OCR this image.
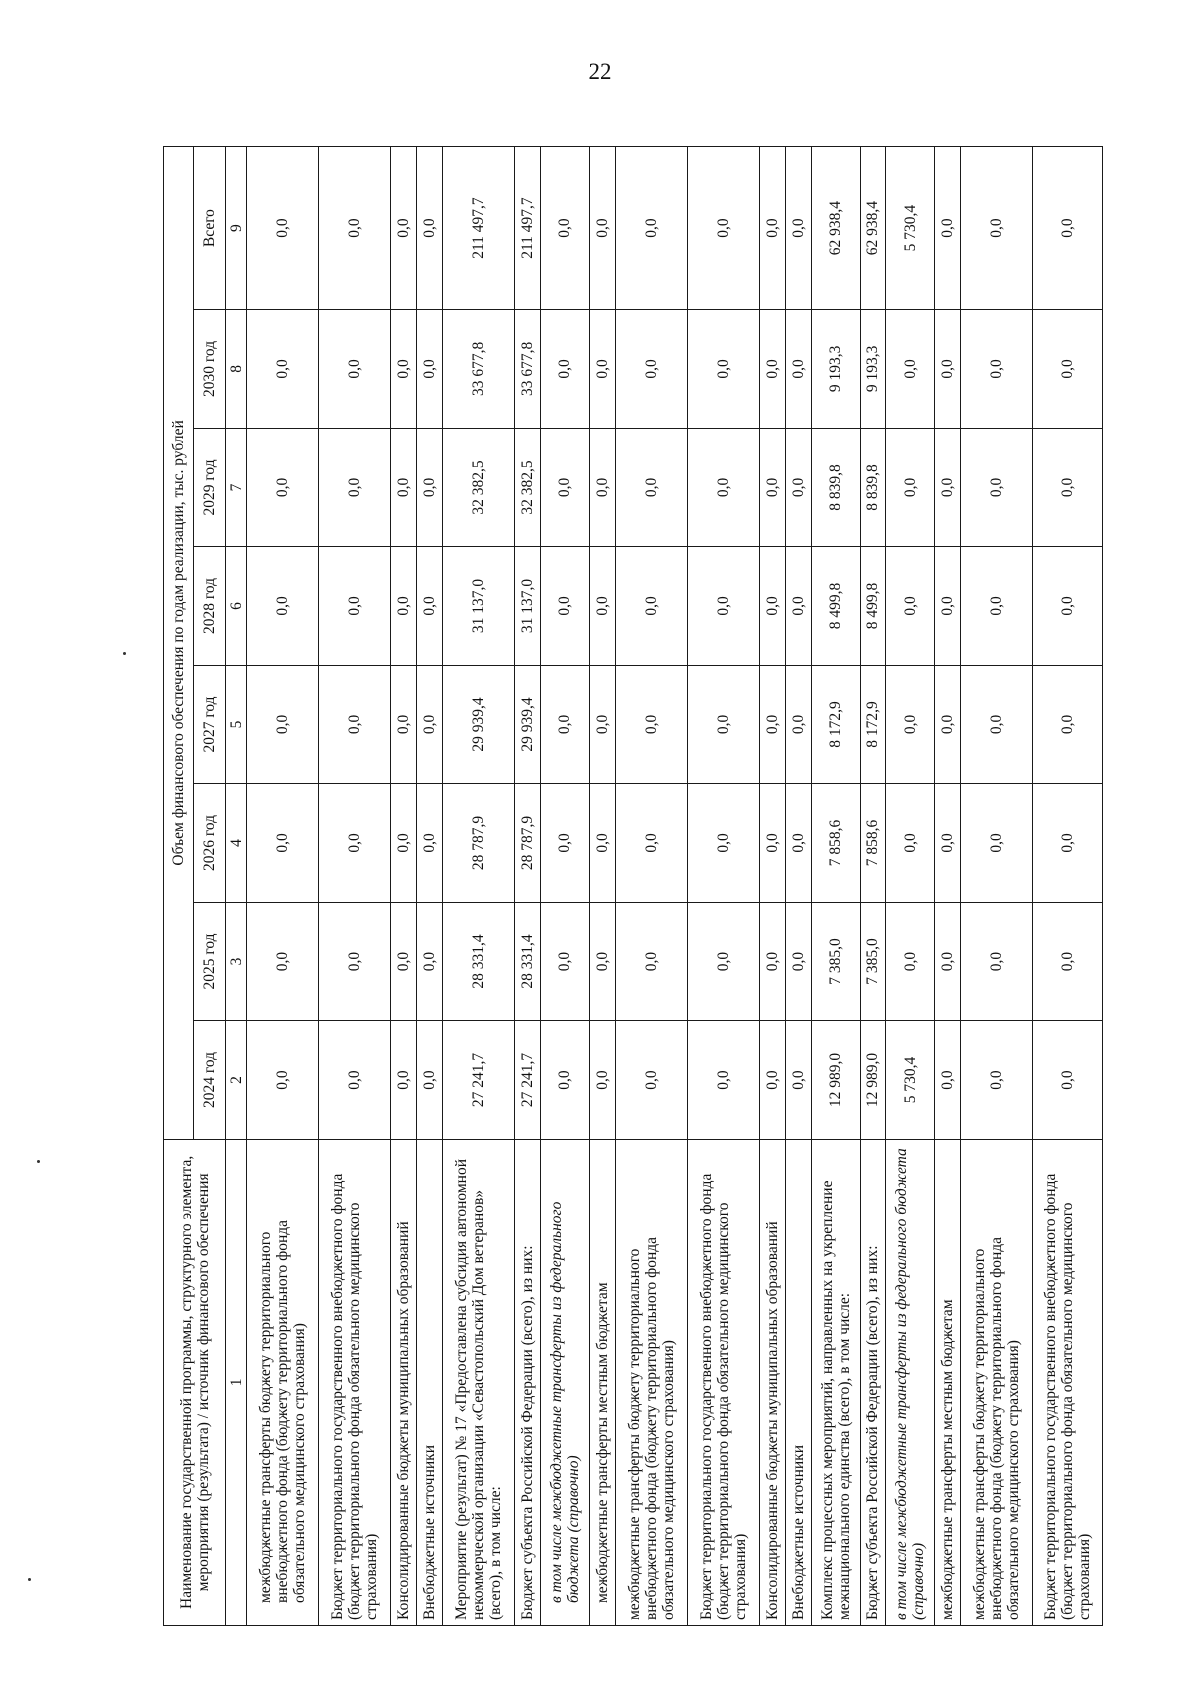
22
Наименование государственной программы, структурного элемента, мероприятия (результата) / источник финансового обеспечения	Объем финансового обеспечения по годам реализации, тыс. рублей							
	2024 год	2025 год	2026 год	2027 год	2028 год	2029 год	2030 год	Всего
1	2	3	4	5	6	7	8	9
межбюджетные трансферты бюджету территориального внебюджетного фонда (бюджету территориального фонда обязательного медицинского страхования)	0,0	0,0	0,0	0,0	0,0	0,0	0,0	0,0
Бюджет территориального государственного внебюджетного фонда (бюджет территориального фонда обязательного медицинского страхования)	0,0	0,0	0,0	0,0	0,0	0,0	0,0	0,0
Консолидированные бюджеты муниципальных образований	0,0	0,0	0,0	0,0	0,0	0,0	0,0	0,0
Внебюджетные источники	0,0	0,0	0,0	0,0	0,0	0,0	0,0	0,0
Мероприятие (результат) № 17 «Предоставлена субсидия автономной некоммерческой организации «Севастопольский Дом ветеранов» (всего), в том числе:	27 241,7	28 331,4	28 787,9	29 939,4	31 137,0	32 382,5	33 677,8	211 497,7
Бюджет субъекта Российской Федерации (всего), из них:	27 241,7	28 331,4	28 787,9	29 939,4	31 137,0	32 382,5	33 677,8	211 497,7
в том числе межбюджетные трансферты из федерального бюджета (справочно)	0,0	0,0	0,0	0,0	0,0	0,0	0,0	0,0
межбюджетные трансферты местным бюджетам	0,0	0,0	0,0	0,0	0,0	0,0	0,0	0,0
межбюджетные трансферты бюджету территориального внебюджетного фонда (бюджету территориального фонда обязательного медицинского страхования)	0,0	0,0	0,0	0,0	0,0	0,0	0,0	0,0
Бюджет территориального государственного внебюджетного фонда (бюджет территориального фонда обязательного медицинского страхования)	0,0	0,0	0,0	0,0	0,0	0,0	0,0	0,0
Консолидированные бюджеты муниципальных образований	0,0	0,0	0,0	0,0	0,0	0,0	0,0	0,0
Внебюджетные источники	0,0	0,0	0,0	0,0	0,0	0,0	0,0	0,0
Комплекс процессных мероприятий, направленных на укрепление межнационального единства (всего), в том числе:	12 989,0	7 385,0	7 858,6	8 172,9	8 499,8	8 839,8	9 193,3	62 938,4
Бюджет субъекта Российской Федерации (всего), из них:	12 989,0	7 385,0	7 858,6	8 172,9	8 499,8	8 839,8	9 193,3	62 938,4
в том числе межбюджетные трансферты из федерального бюджета (справочно)	5 730,4	0,0	0,0	0,0	0,0	0,0	0,0	5 730,4
межбюджетные трансферты местным бюджетам	0,0	0,0	0,0	0,0	0,0	0,0	0,0	0,0
межбюджетные трансферты бюджету территориального внебюджетного фонда (бюджету территориального фонда обязательного медицинского страхования)	0,0	0,0	0,0	0,0	0,0	0,0	0,0	0,0
Бюджет территориального государственного внебюджетного фонда (бюджет территориального фонда обязательного медицинского страхования)	0,0	0,0	0,0	0,0	0,0	0,0	0,0	0,0
